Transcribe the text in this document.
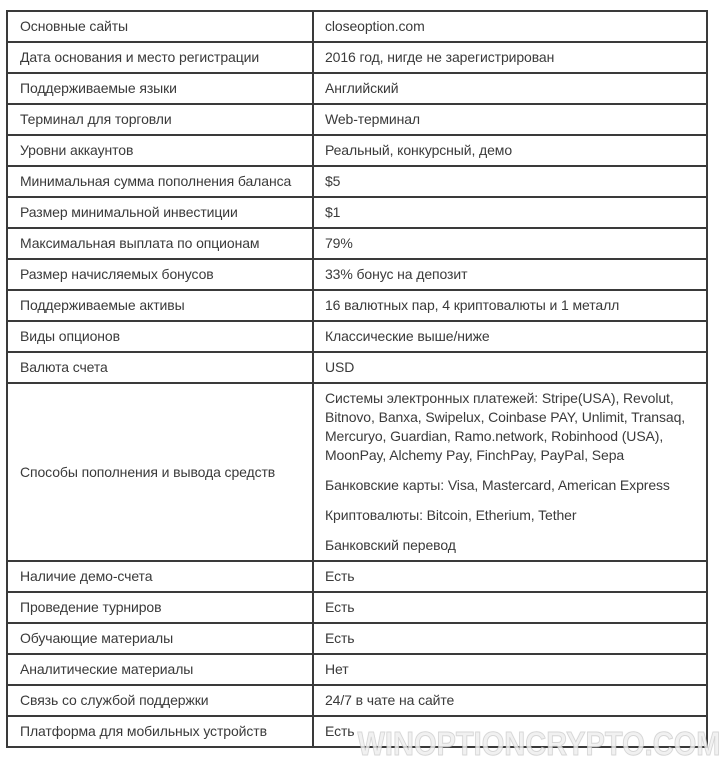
Основные сайты	closeoption.com
Дата основания и место регистрации	2016 год, нигде не зарегистрирован
Поддерживаемые языки	Английский
Терминал для торговли	Web-терминал
Уровни аккаунтов	Реальный, конкурсный, демо
Минимальная сумма пополнения баланса	$5
Размер минимальной инвестиции	$1
Максимальная выплата по опционам	79%
Размер начисляемых бонусов	33% бонус на депозит
Поддерживаемые активы	16 валютных пар, 4 криптовалюты и 1 металл
Виды опционов	Классические выше/ниже
Валюта счета	USD
Способы пополнения и вывода средств	Системы электронных платежей: Stripe(USA), Revolut, Bitnovo, Banxa, Swipelux, Coinbase PAY, Unlimit, Transaq, Mercuryo, Guardian, Ramo.network, Robinhood (USA), MoonPay, Alchemy Pay, FinchPay, PayPal, Sepa

Банковские карты: Visa, Mastercard, American Express

Криптовалюты: Bitcoin, Etherium, Tether

Банковский перевод

Наличие демо-счета	Есть
Проведение турниров	Есть
Обучающие материалы	Есть
Аналитические материалы	Нет
Связь со службой поддержки	24/7 в чате на сайте
Платформа для мобильных устройств	Есть WINOPTIONCRYPTO.COM
